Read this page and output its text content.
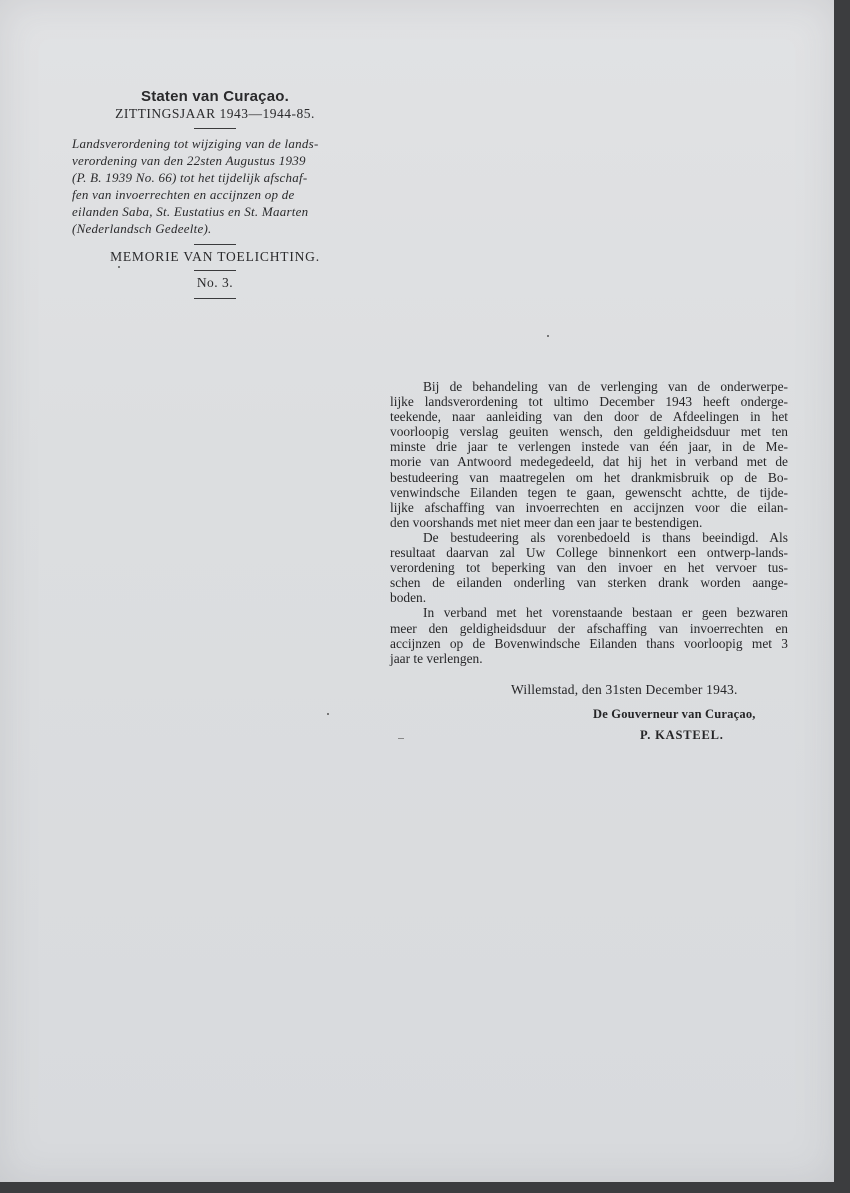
Staten van Curaçao.

ZITTINGSJAAR 1943—1944-85.

Landsverordening tot wijziging van de lands-
verordening van den 22sten Augustus 1939
(P. B. 1939 No. 66) tot het tijdelijk afschaf-
fen van invoerrechten en accijnzen op de
eilanden Saba, St. Eustatius en St. Maarten
(Nederlandsch Gedeelte).

MEMORIE VAN TOELICHTING.

No. 3.

Bij de behandeling van de verlenging van de onderwerpe-
lijke landsverordening tot ultimo December 1943 heeft onderge-
teekende, naar aanleiding van den door de Afdeelingen in het
voorloopig verslag geuiten wensch, den geldigheidsduur met ten
minste drie jaar te verlengen instede van één jaar, in de Me-
morie van Antwoord medegedeeld, dat hij het in verband met de
bestudeering van maatregelen om het drankmisbruik op de Bo-
venwindsche Eilanden tegen te gaan, gewenscht achtte, de tijde-
lijke afschaffing van invoerrechten en accijnzen voor die eilan-
den voorshands met niet meer dan een jaar te bestendigen.
De bestudeering als vorenbedoeld is thans beeindigd. Als
resultaat daarvan zal Uw College binnenkort een ontwerp-lands-
verordening tot beperking van den invoer en het vervoer tus-
schen de eilanden onderling van sterken drank worden aange-
boden.
In verband met het vorenstaande bestaan er geen bezwaren
meer den geldigheidsduur der afschaffing van invoerrechten en
accijnzen op de Bovenwindsche Eilanden thans voorloopig met 3
jaar te verlengen.
Willemstad, den 31sten December 1943.
De Gouverneur van Curaçao,
P. KASTEEL.
